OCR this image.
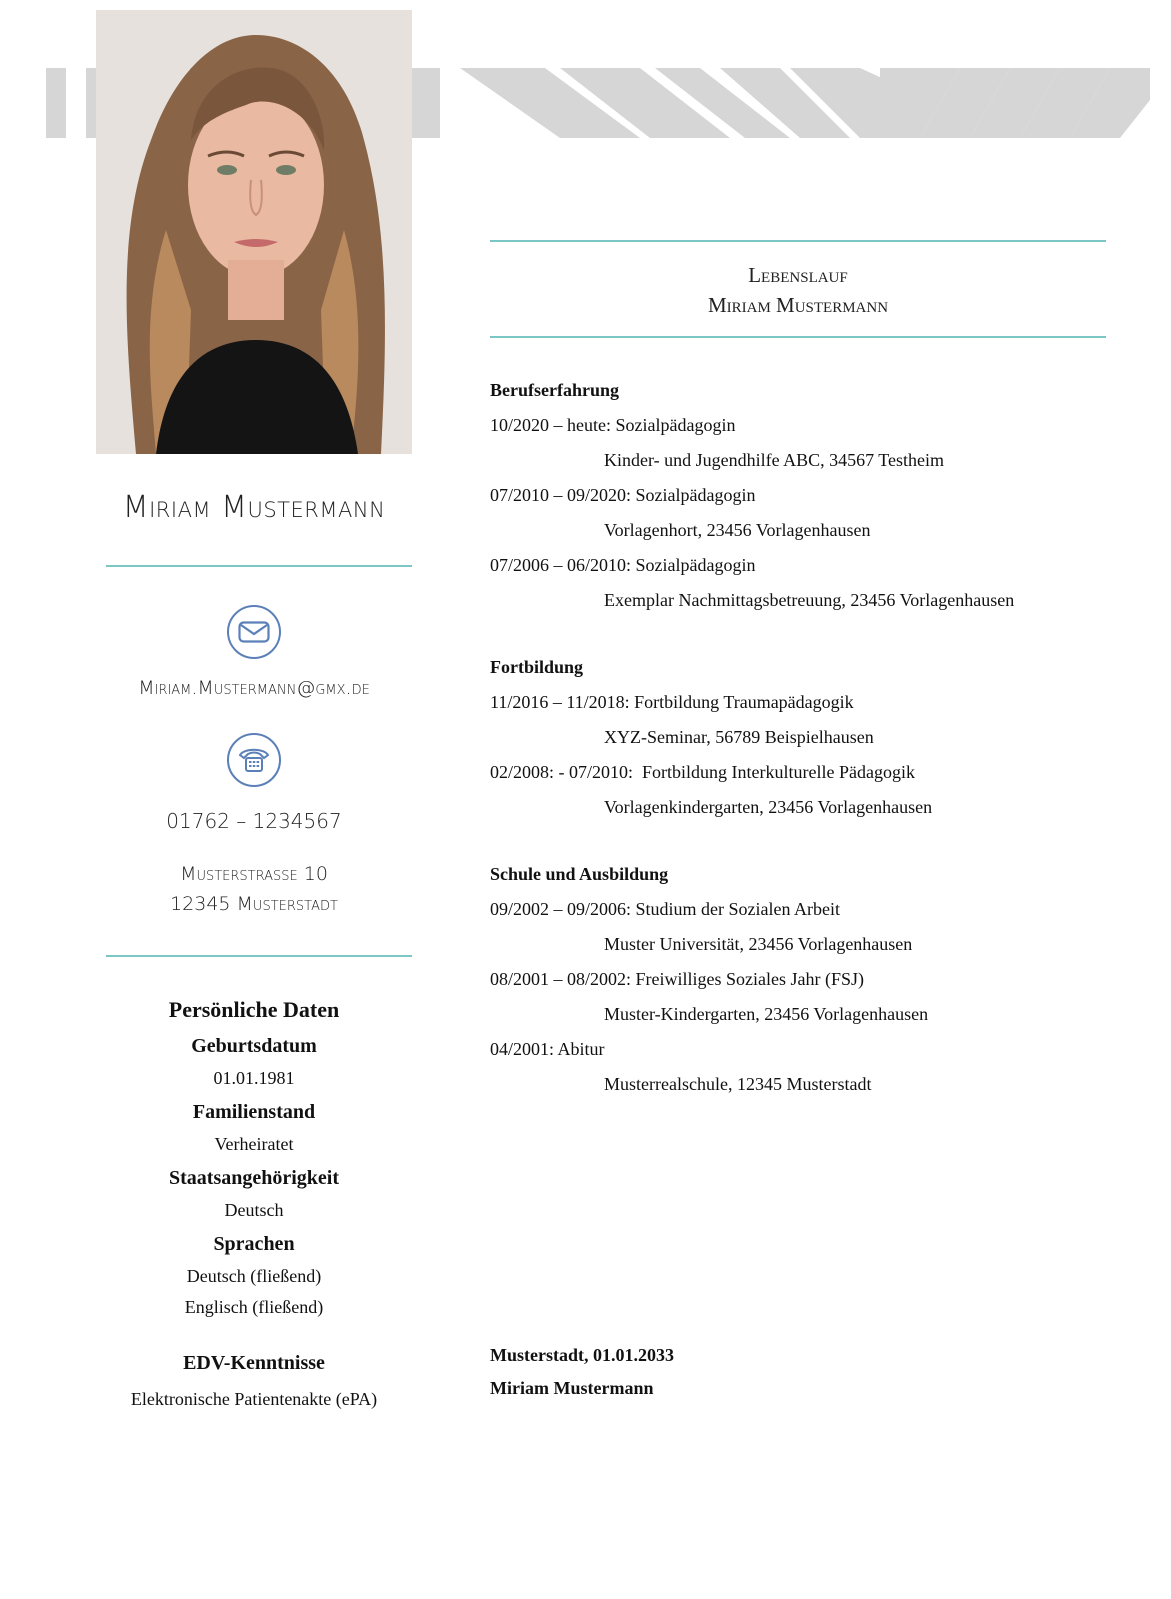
Miriam Mustermann
Miriam.Mustermann@gmx.de
01762 – 1234567
Musterstrasse 10
12345 Musterstadt
Persönliche Daten
Geburtsdatum
01.01.1981
Familienstand
Verheiratet
Staatsangehörigkeit
Deutsch
Sprachen
Deutsch (fließend)
Englisch (fließend)
EDV-Kenntnisse
Elektronische Patientenakte (ePA)
Lebenslauf
Miriam Mustermann
Berufserfahrung
10/2020 – heute: Sozialpädagogin
Kinder- und Jugendhilfe ABC, 34567 Testheim
07/2010 – 09/2020: Sozialpädagogin
Vorlagenhort, 23456 Vorlagenhausen
07/2006 – 06/2010: Sozialpädagogin
Exemplar Nachmittagsbetreuung, 23456 Vorlagenhausen
Fortbildung
11/2016 – 11/2018: Fortbildung Traumapädagogik
XYZ-Seminar, 56789 Beispielhausen
02/2008: - 07/2010:  Fortbildung Interkulturelle Pädagogik
Vorlagenkindergarten, 23456 Vorlagenhausen
Schule und Ausbildung
09/2002 – 09/2006: Studium der Sozialen Arbeit
Muster Universität, 23456 Vorlagenhausen
08/2001 – 08/2002: Freiwilliges Soziales Jahr (FSJ)
Muster-Kindergarten, 23456 Vorlagenhausen
04/2001: Abitur
Musterrealschule, 12345 Musterstadt
Musterstadt, 01.01.2033
Miriam Mustermann
